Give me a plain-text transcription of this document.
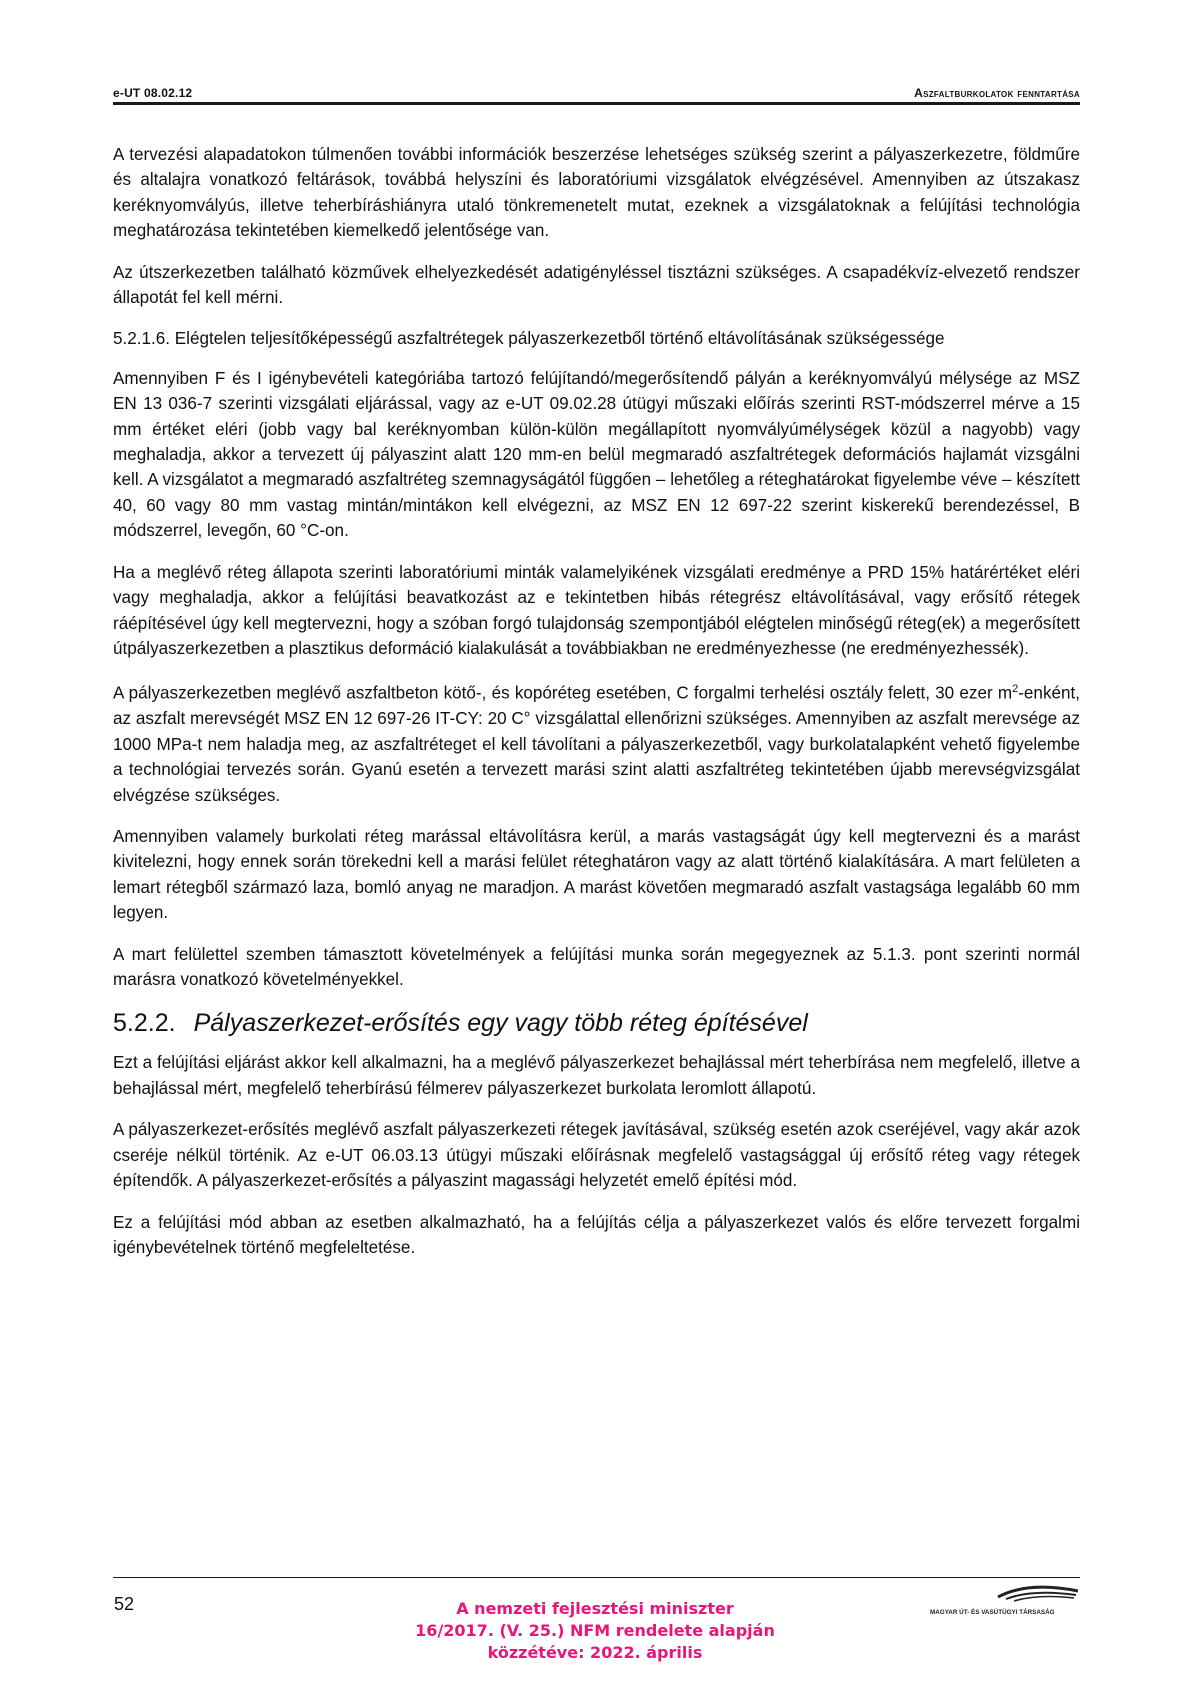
e-UT 08.02.12	Aszfaltburkolatok fenntartása

A tervezési alapadatokon túlmenően további információk beszerzése lehetséges szükség szerint a pályaszerkezetre, földműre és altalajra vonatkozó feltárások, továbbá helyszíni és laboratóriumi vizsgálatok elvégzésével. Amennyiben az útszakasz keréknyomvályús, illetve teherbíráshiányra utaló tönkremenetelt mutat, ezeknek a vizsgálatoknak a felújítási technológia meghatározása tekintetében kiemelkedő jelentősége van.

Az útszerkezetben található közművek elhelyezkedését adatigényléssel tisztázni szükséges. A csapadékvíz-elvezető rendszer állapotát fel kell mérni.

5.2.1.6. Elégtelen teljesítőképességű aszfaltrétegek pályaszerkezetből történő eltávolításának szükségessége

Amennyiben F és I igénybevételi kategóriába tartozó felújítandó/megerősítendő pályán a keréknyomvályú mélysége az MSZ EN 13 036-7 szerinti vizsgálati eljárással, vagy az e-UT 09.02.28 útügyi műszaki előírás szerinti RST-módszerrel mérve a 15 mm értéket eléri (jobb vagy bal keréknyomban külön-külön megállapított nyomvályúmélységek közül a nagyobb) vagy meghaladja, akkor a tervezett új pályaszint alatt 120 mm-en belül megmaradó aszfaltrétegek deformációs hajlamát vizsgálni kell. A vizsgálatot a megmaradó aszfaltréteg szemnagyságától függően – lehetőleg a réteghatárokat figyelembe véve – készített 40, 60 vagy 80 mm vastag mintán/mintákon kell elvégezni, az MSZ EN 12 697-22 szerint kiskerekű berendezéssel, B módszerrel, levegőn, 60 °C-on.

Ha a meglévő réteg állapota szerinti laboratóriumi minták valamelyikének vizsgálati eredménye a PRD 15% határértéket eléri vagy meghaladja, akkor a felújítási beavatkozást az e tekintetben hibás rétegrész eltávolításával, vagy erősítő rétegek ráépítésével úgy kell megtervezni, hogy a szóban forgó tulajdonság szempontjából elégtelen minőségű réteg(ek) a megerősített útpályaszerkezetben a plasztikus deformáció kialakulását a továbbiakban ne eredményezhesse (ne eredményezhessék).

A pályaszerkezetben meglévő aszfaltbeton kötő-, és kopóréteg esetében, C forgalmi terhelési osztály felett, 30 ezer $m^2$-enként, az aszfalt merevségét MSZ EN 12 697-26 IT-CY: 20 C° vizsgálattal ellenőrizni szükséges. Amennyiben az aszfalt merevsége az 1000 MPa-t nem haladja meg, az aszfaltréteget el kell távolítani a pályaszerkezetből, vagy burkolatalapként vehető figyelembe a technológiai tervezés során. Gyanú esetén a tervezett marási szint alatti aszfaltréteg tekintetében újabb merevségvizsgálat elvégzése szükséges.

Amennyiben valamely burkolati réteg marással eltávolításra kerül, a marás vastagságát úgy kell megtervezni és a marást kivitelezni, hogy ennek során törekedni kell a marási felület réteghatáron vagy az alatt történő kialakítására. A mart felületen a lemart rétegből származó laza, bomló anyag ne maradjon. A marást követően megmaradó aszfalt vastagsága legalább 60 mm legyen.

A mart felülettel szemben támasztott követelmények a felújítási munka során megegyeznek az 5.1.3. pont szerinti normál marásra vonatkozó követelményekkel.

5.2.2. Pályaszerkezet-erősítés egy vagy több réteg építésével

Ezt a felújítási eljárást akkor kell alkalmazni, ha a meglévő pályaszerkezet behajlással mért teherbírása nem megfelelő, illetve a behajlással mért, megfelelő teherbírású félmerev pályaszerkezet burkolata leromlott állapotú.

A pályaszerkezet-erősítés meglévő aszfalt pályaszerkezeti rétegek javításával, szükség esetén azok cseréjével, vagy akár azok cseréje nélkül történik. Az e-UT 06.03.13 útügyi műszaki előírásnak megfelelő vastagsággal új erősítő réteg vagy rétegek építendők. A pályaszerkezet-erősítés a pályaszint magassági helyzetét emelő építési mód.

Ez a felújítási mód abban az esetben alkalmazható, ha a felújítás célja a pályaszerkezet valós és előre tervezett forgalmi igénybevételnek történő megfeleltetése.

52	A nemzeti fejlesztési miniszter
16/2017. (V. 25.) NFM rendelete alapján
közzétéve: 2022. április
MAGYAR ÚT- ÉS VASÚTÜGYI TÁRSASÁG
